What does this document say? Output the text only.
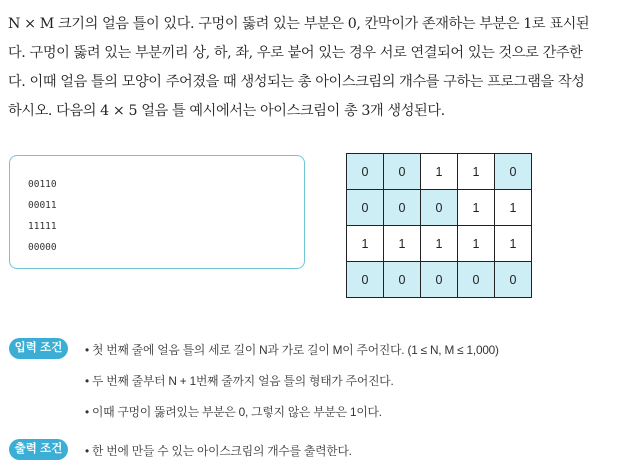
N × M 크기의 얼음 틀이 있다. 구멍이 뚫려 있는 부분은 0, 칸막이가 존재하는 부분은 1로 표시된
다. 구멍이 뚫려 있는 부분끼리 상, 하, 좌, 우로 붙어 있는 경우 서로 연결되어 있는 것으로 간주한
다. 이때 얼음 틀의 모양이 주어졌을 때 생성되는 총 아이스크림의 개수를 구하는 프로그램을 작성
하시오. 다음의 4 × 5 얼음 틀 예시에서는 아이스크림이 총 3개 생성된다.
00110
00011
11111
00000
0	0	1	1	0
0	0	0	1	1
1	1	1	1	1
0	0	0	0	0
입력 조건	• 첫 번째 줄에 얼음 틀의 세로 길이 N과 가로 길이 M이 주어진다. (1 ≤ N, M ≤ 1,000)
• 두 번째 줄부터 N + 1번째 줄까지 얼음 틀의 형태가 주어진다.
• 이때 구멍이 뚫려있는 부분은 0, 그렇지 않은 부분은 1이다.
출력 조건	• 한 번에 만들 수 있는 아이스크림의 개수를 출력한다.
